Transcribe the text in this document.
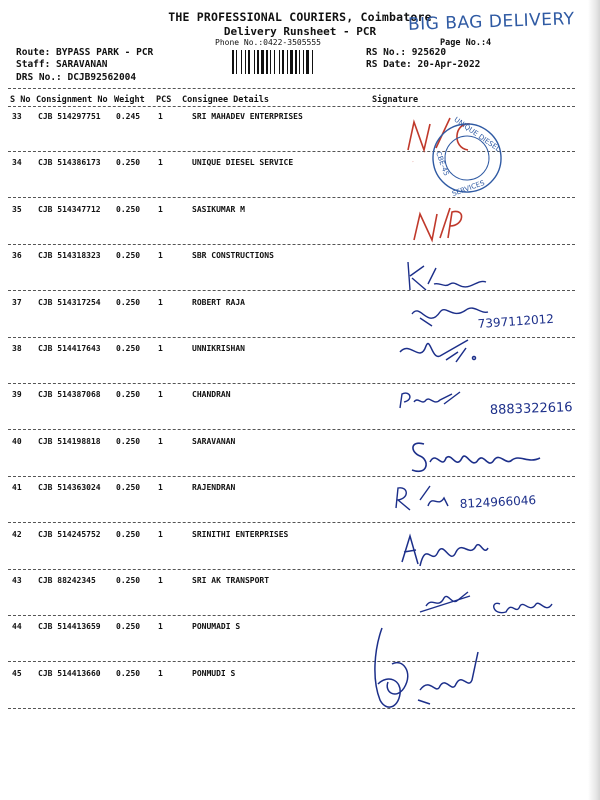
THE PROFESSIONAL COURIERS, Coimbatore
Delivery Runsheet - PCR
Phone No.:0422-3505555	Page No.:4
BIG BAG DELIVERY
Route: BYPASS PARK - PCR
Staff: SARAVANAN
DRS No.: DCJB92562004
RS No.: 925620
RS Date: 20-Apr-2022
S No Consignment No Weight PCS Consignee Details	Signature
33 CJB 514297751 0.245 1	SRI MAHADEV ENTERPRISES
34 CJB 514386173 0.250 1	UNIQUE DIESEL SERVICE
35 CJB 514347712 0.250 1	SASIKUMAR M
36 CJB 514318323 0.250 1	SBR CONSTRUCTIONS
37 CJB 514317254 0.250 1	ROBERT RAJA
38 CJB 514417643 0.250 1	UNNIKRISHAN
39 CJB 514387068 0.250 1	CHANDRAN
40 CJB 514198818 0.250 1	SARAVANAN
41 CJB 514363024 0.250 1	RAJENDRAN
42 CJB 514245752 0.250 1	SRINITHI ENTERPRISES
43 CJB 88242345	0.250 1	SRI AK TRANSPORT
44 CJB 514413659 0.250 1	PONUMADI S
45 CJB 514413660 0.250 1	PONMUDI S
N/C
UNIQUE DIESEL
SERVICES
CBE-45
7397112012
8883322616
8124966046
